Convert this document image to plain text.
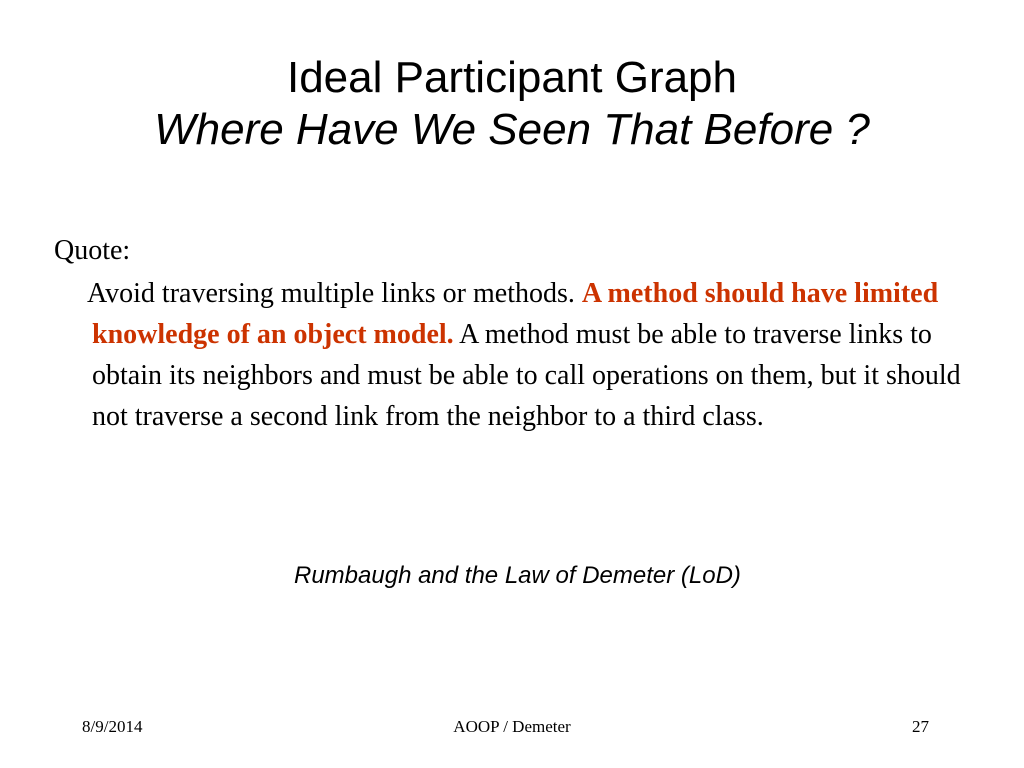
Ideal Participant Graph
Where Have We Seen That Before ?
Quote:

Avoid traversing multiple links or methods. A method should have limited knowledge of an object model. A method must be able to traverse links to obtain its neighbors and must be able to call operations on them, but it should not traverse a second link from the neighbor to a third class.

Rumbaugh and the Law of Demeter (LoD)
8/9/2014	AOOP / Demeter	27
